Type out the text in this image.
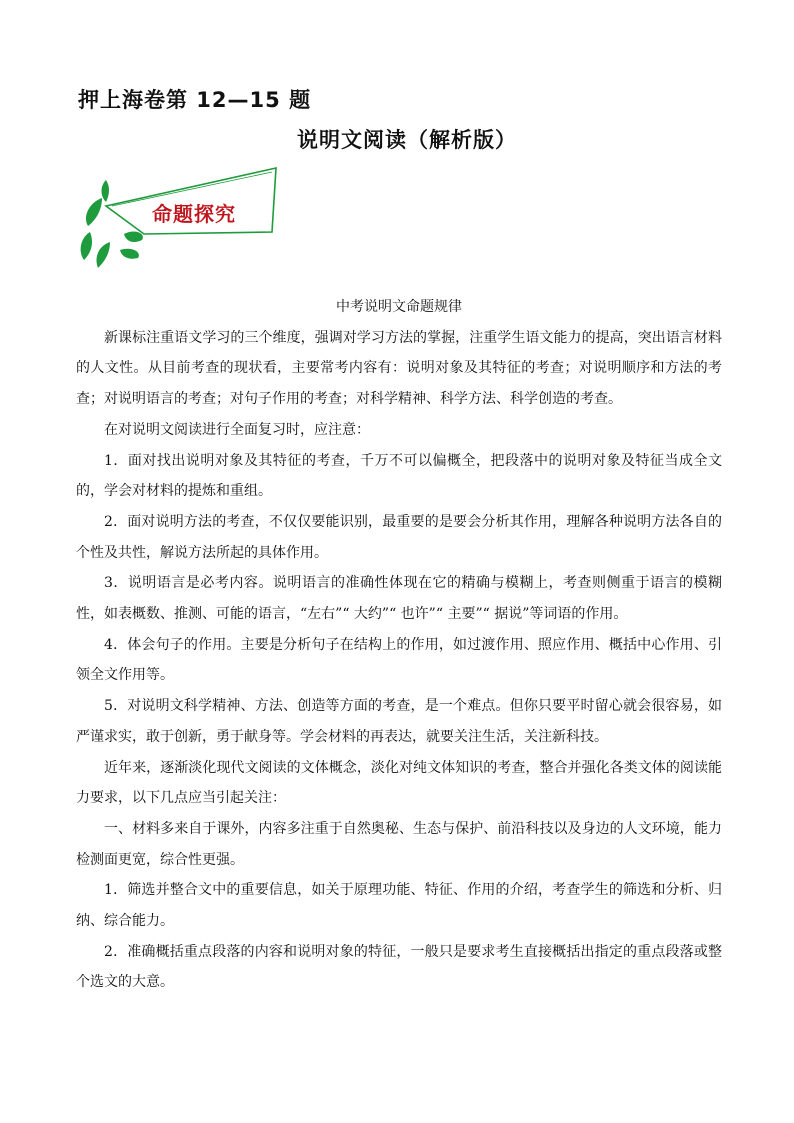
押上海卷第 12—15 题
说明文阅读（解析版）
命题探究
中考说明文命题规律

新课标注重语文学习的三个维度，强调对学习方法的掌握，注重学生语文能力的提高，突出语言材料的人文性。从目前考查的现状看，主要常考内容有：说明对象及其特征的考查；对说明顺序和方法的考查；对说明语言的考查；对句子作用的考查；对科学精神、科学方法、科学创造的考查。

在对说明文阅读进行全面复习时，应注意：

1．面对找出说明对象及其特征的考查，千万不可以偏概全，把段落中的说明对象及特征当成全文的，学会对材料的提炼和重组。

2．面对说明方法的考查，不仅仅要能识别，最重要的是要会分析其作用，理解各种说明方法各自的个性及共性，解说方法所起的具体作用。

3．说明语言是必考内容。说明语言的准确性体现在它的精确与模糊上，考查则侧重于语言的模糊性，如表概数、推测、可能的语言，“左右”“ 大约”“ 也许”“ 主要”“ 据说”等词语的作用。

4．体会句子的作用。主要是分析句子在结构上的作用，如过渡作用、照应作用、概括中心作用、引领全文作用等。

5．对说明文科学精神、方法、创造等方面的考查，是一个难点。但你只要平时留心就会很容易，如严谨求实，敢于创新，勇于献身等。学会材料的再表达，就要关注生活，关注新科技。

近年来，逐渐淡化现代文阅读的文体概念，淡化对纯文体知识的考查，整合并强化各类文体的阅读能力要求，以下几点应当引起关注：

一、材料多来自于课外，内容多注重于自然奥秘、生态与保护、前沿科技以及身边的人文环境，能力检测面更宽，综合性更强。

1．筛选并整合文中的重要信息，如关于原理功能、特征、作用的介绍，考查学生的筛选和分析、归纳、综合能力。

2．准确概括重点段落的内容和说明对象的特征，一般只是要求考生直接概括出指定的重点段落或整个选文的大意。
